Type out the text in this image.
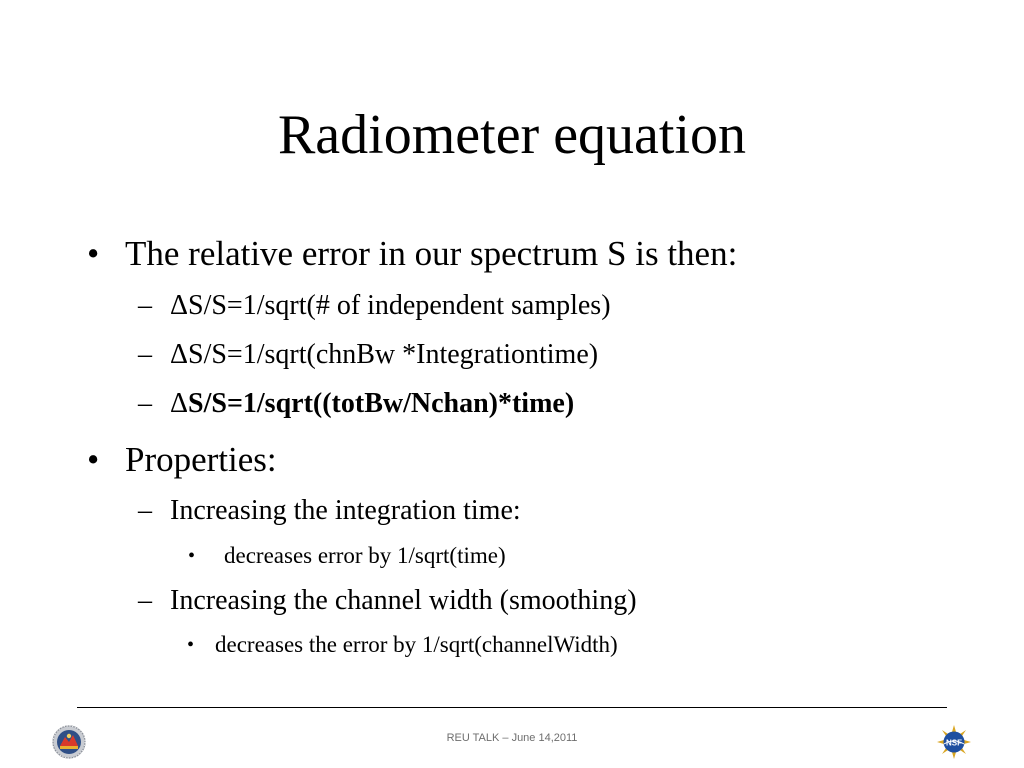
Radiometer equation
• The relative error in our spectrum S is then:
– ΔS/S=1/sqrt(# of independent samples)
– ΔS/S=1/sqrt(chnBw *Integrationtime)
– ΔS/S=1/sqrt((totBw/Nchan)*time)
• Properties:
– Increasing the integration time:
• decreases error by 1/sqrt(time)
– Increasing the channel width (smoothing)
• decreases the error by 1/sqrt(channelWidth)
REU TALK – June 14,2011	NSF
